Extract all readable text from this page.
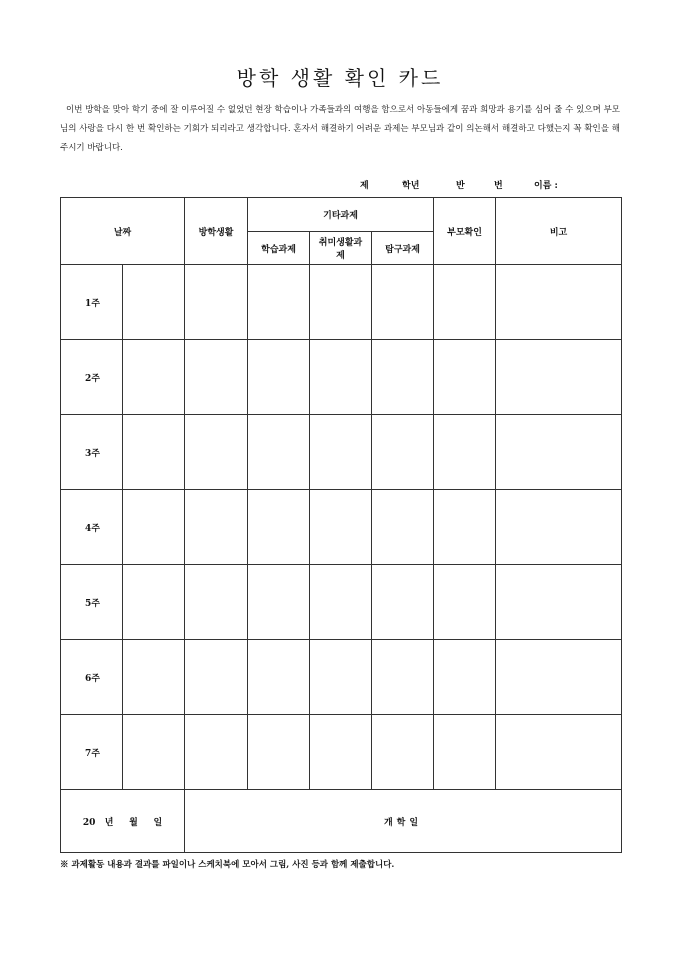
방학 생활 확인 카드
이번 방학을 맞아 학기 중에 잘 이루어질 수 없었던 현장 학습이나 가족들과의 여행을 함으로서 아동들에게 꿈과 희망과 용기를 심어 줄 수 있으며 부모님의 사랑을 다시 한 번 확인하는 기회가 되리라고 생각합니다. 혼자서 해결하기 어려운 과제는 부모님과 같이 의논해서 해결하고 다했는지 꼭 확인을 해주시기 바랍니다.
제	학년	반	번	이름 :
날짜		방학생활	기타과제			부모확인	비고
			학습과제	취미생활과제	탐구과제		
1주							
2주							
3주							
4주							
5주							
6주							
7주							
20 년 월 일		개학일					
※ 과제활동 내용과 결과를 파일이나 스케치북에 모아서 그림, 사진 등과 함께 제출합니다.
